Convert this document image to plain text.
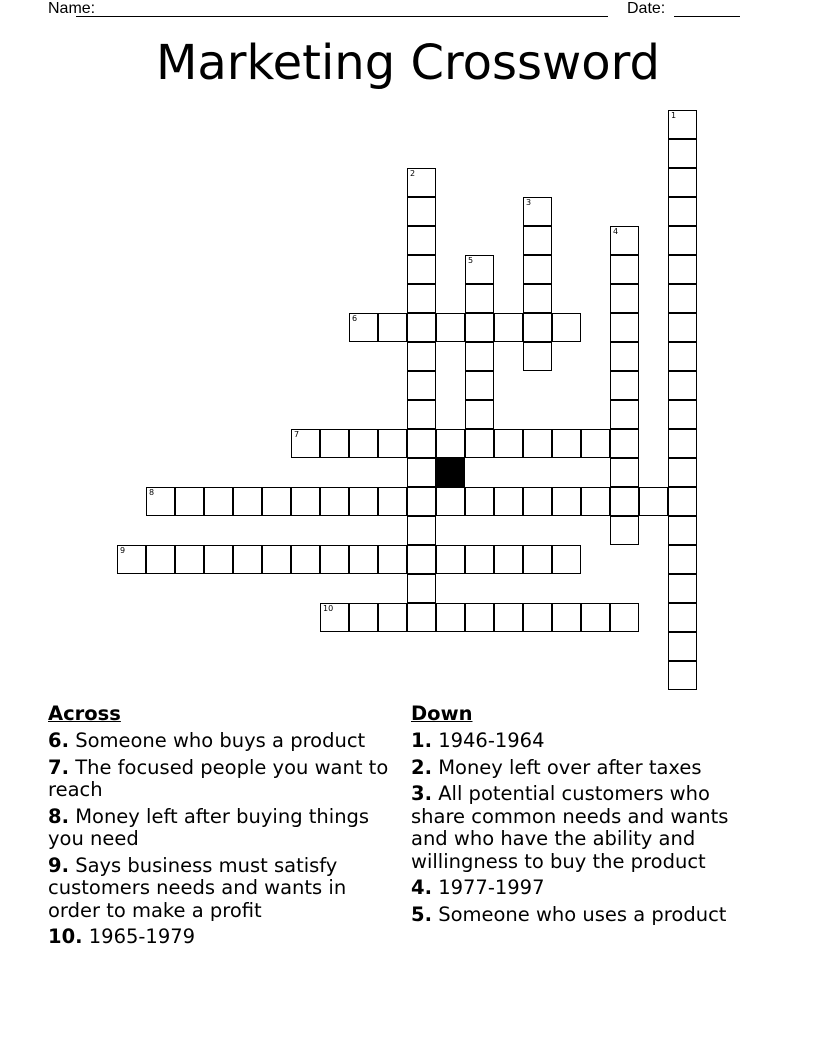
Name:	Date:
Marketing Crossword
1
2
3
4
5
6
7
8
9
10
Across
6. Someone who buys a product
7. The focused people you want to reach
8. Money left after buying things you need
9. Says business must satisfy customers needs and wants in order to make a profit
10. 1965-1979
Down
1. 1946-1964
2. Money left over after taxes
3. All potential customers who share common needs and wants and who have the ability and willingness to buy the product
4. 1977-1997
5. Someone who uses a product
